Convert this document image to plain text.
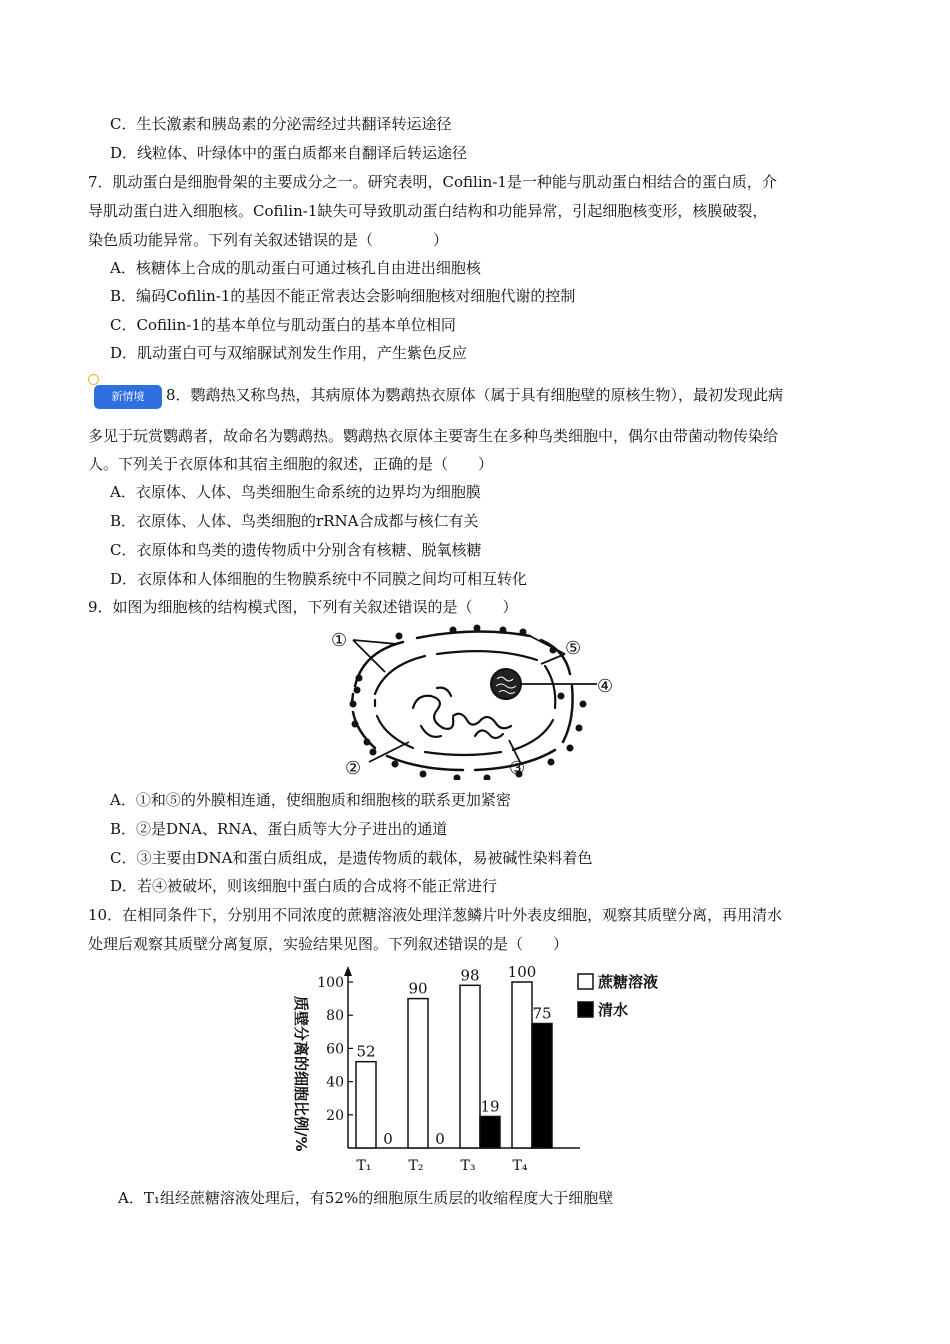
C．生长激素和胰岛素的分泌需经过共翻译转运途径
D．线粒体、叶绿体中的蛋白质都来自翻译后转运途径
7．肌动蛋白是细胞骨架的主要成分之一。研究表明，Cofilin-1是一种能与肌动蛋白相结合的蛋白质，介
导肌动蛋白进入细胞核。Cofilin-1缺失可导致肌动蛋白结构和功能异常，引起细胞核变形，核膜破裂，
染色质功能异常。下列有关叙述错误的是（　　　　）
A．核糖体上合成的肌动蛋白可通过核孔自由进出细胞核
B．编码Cofilin-1的基因不能正常表达会影响细胞核对细胞代谢的控制
C．Cofilin-1的基本单位与肌动蛋白的基本单位相同
D．肌动蛋白可与双缩脲试剂发生作用，产生紫色反应
新情境	8．鹦鹉热又称鸟热，其病原体为鹦鹉热衣原体（属于具有细胞壁的原核生物），最初发现此病
多见于玩赏鹦鹉者，故命名为鹦鹉热。鹦鹉热衣原体主要寄生在多种鸟类细胞中，偶尔由带菌动物传染给
人。下列关于衣原体和其宿主细胞的叙述，正确的是（　　）
A．衣原体、人体、鸟类细胞生命系统的边界均为细胞膜
B．衣原体、人体、鸟类细胞的rRNA合成都与核仁有关
C．衣原体和鸟类的遗传物质中分别含有核糖、脱氧核糖
D．衣原体和人体细胞的生物膜系统中不同膜之间均可相互转化
9．如图为细胞核的结构模式图，下列有关叙述错误的是（　　）
①
②	③
④
⑤
A．①和⑤的外膜相连通，使细胞质和细胞核的联系更加紧密
B．②是DNA、RNA、蛋白质等大分子进出的通道
C．③主要由DNA和蛋白质组成，是遗传物质的载体，易被碱性染料着色
D．若④被破坏，则该细胞中蛋白质的合成将不能正常进行
10．在相同条件下，分别用不同浓度的蔗糖溶液处理洋葱鳞片叶外表皮细胞，观察其质壁分离，再用清水
处理后观察其质壁分离复原，实验结果见图。下列叙述错误的是（　　）
20
40
60
80
100
质壁分离的细胞比例/%	52
0
T₁
90
0
T₂
98
19
T₃
100
75
T₄
蔗糖溶液
清水
A．T₁组经蔗糖溶液处理后，有52%的细胞原生质层的收缩程度大于细胞壁
